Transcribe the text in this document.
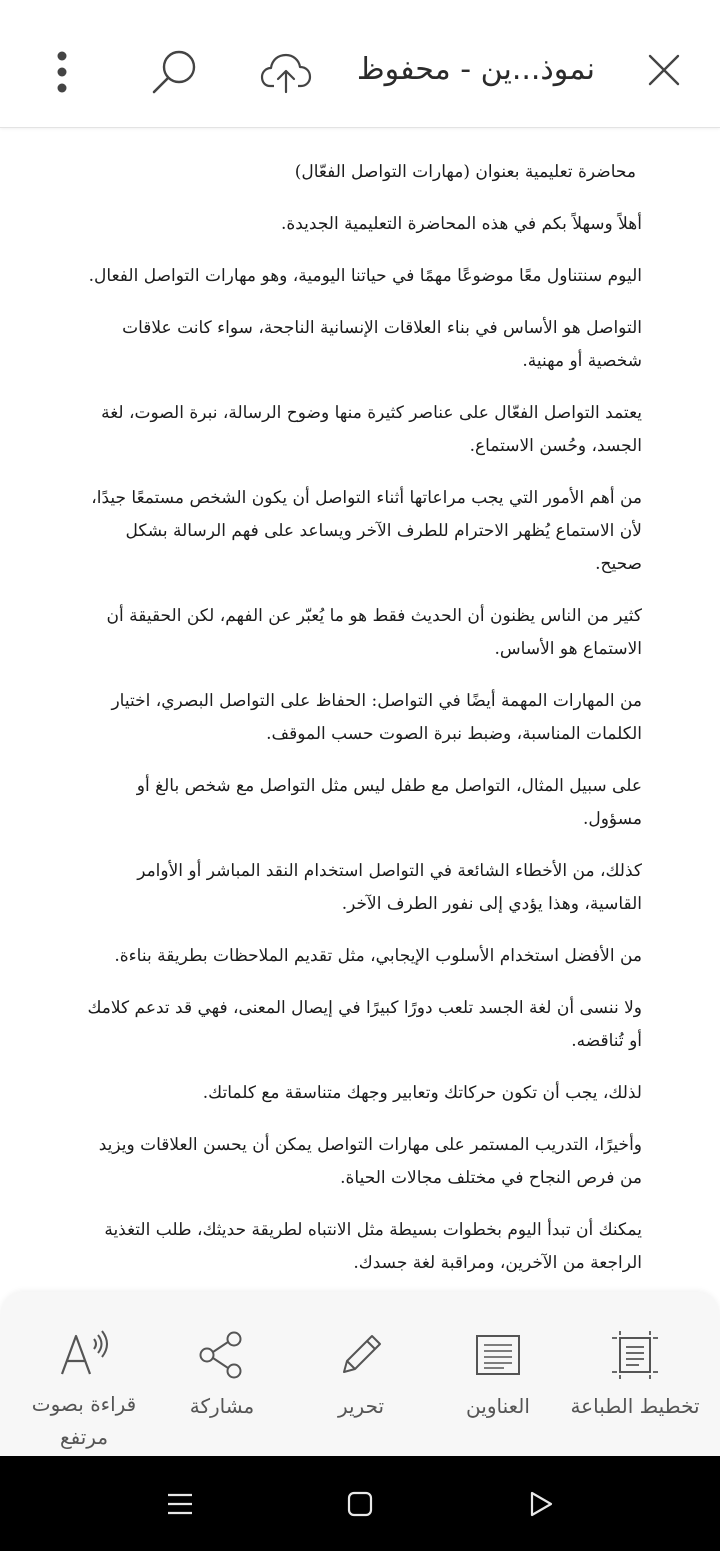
نموذ...ين - محفوظ

محاضرة تعليمية بعنوان (مهارات التواصل الفعّال)

أهلاً وسهلاً بكم في هذه المحاضرة التعليمية الجديدة.

اليوم سنتناول معًا موضوعًا مهمًا في حياتنا اليومية، وهو مهارات التواصل الفعال.

التواصل هو الأساس في بناء العلاقات الإنسانية الناجحة، سواء كانت علاقات شخصية أو مهنية.

يعتمد التواصل الفعّال على عناصر كثيرة منها وضوح الرسالة، نبرة الصوت، لغة الجسد، وحُسن الاستماع.

من أهم الأمور التي يجب مراعاتها أثناء التواصل أن يكون الشخص مستمعًا جيدًا، لأن الاستماع يُظهر الاحترام للطرف الآخر ويساعد على فهم الرسالة بشكل صحيح.

كثير من الناس يظنون أن الحديث فقط هو ما يُعبّر عن الفهم، لكن الحقيقة أن الاستماع هو الأساس.

من المهارات المهمة أيضًا في التواصل: الحفاظ على التواصل البصري، اختيار الكلمات المناسبة، وضبط نبرة الصوت حسب الموقف.

على سبيل المثال، التواصل مع طفل ليس مثل التواصل مع شخص بالغ أو مسؤول.

كذلك، من الأخطاء الشائعة في التواصل استخدام النقد المباشر أو الأوامر القاسية، وهذا يؤدي إلى نفور الطرف الآخر.

من الأفضل استخدام الأسلوب الإيجابي، مثل تقديم الملاحظات بطريقة بناءة.

ولا ننسى أن لغة الجسد تلعب دورًا كبيرًا في إيصال المعنى، فهي قد تدعم كلامك أو تُناقضه.

لذلك، يجب أن تكون حركاتك وتعابير وجهك متناسقة مع كلماتك.

وأخيرًا، التدريب المستمر على مهارات التواصل يمكن أن يحسن العلاقات ويزيد من فرص النجاح في مختلف مجالات الحياة.

يمكنك أن تبدأ اليوم بخطوات بسيطة مثل الانتباه لطريقة حديثك، طلب التغذية الراجعة من الآخرين، ومراقبة لغة جسدك.

تخطيط الطباعة
العناوين
تحرير
مشاركة
قراءة بصوت مرتفع
